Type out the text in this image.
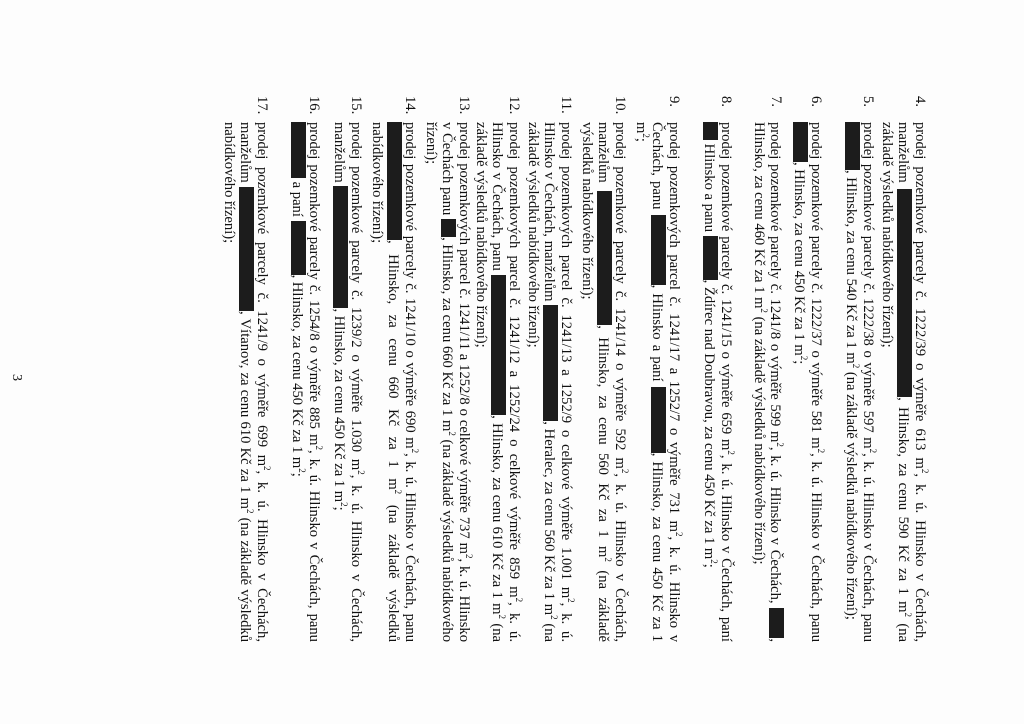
4.
prodej pozemkové parcely č. 1222/39 o výměře 613 $m^2$, k. ú. Hlinsko v Čechách, manželům , Hlinsko, za cenu 590 Kč za 1 $m^2$ (na základě výsledků nabídkového řízení);
5.
prodej pozemkové parcely č. 1222/38 o výměře 597 $m^2$, k. ú. Hlinsko v Čechách, panu , Hlinsko, za cenu 540 Kč za 1 $m^2$ (na základě výsledků nabídkového řízení);
6.
prodej pozemkové parcely č. 1222/37 o výměře 581 $m^2$, k. ú. Hlinsko v Čechách, panu , Hlinsko, za cenu 450 Kč za 1 $m^2$;
7.
prodej pozemkové parcely č. 1241/8 o výměře 599 $m^2$, k. ú. Hlinsko v Čechách, , Hlinsko, za cenu 460 Kč za 1 $m^2$ (na základě výsledků nabídkového řízení);
8.
prodej pozemkové parcely č. 1241/15 o výměře 659 $m^2$, k. ú. Hlinsko v Čechách, paní  Hlinsko a panu , Ždírec nad Doubravou, za cenu 450 Kč za 1 $m^2$;
9.
prodej pozemkových parcel č. 1241/17 a 1252/7 o výměře 731 $m^2$, k. ú. Hlinsko v Čechách, panu , Hlinsko a paní , Hlinsko, za cenu 450 Kč za 1 $m^2$;
10.
prodej pozemkové parcely č. 1241/14 o výměře 592 $m^2$, k. ú. Hlinsko v Čechách, manželům , Hlinsko, za cenu 560 Kč za 1 $m^2$ (na základě výsledků nabídkového řízení);
11.
prodej pozemkových parcel č. 1241/13 a 1252/9 o celkové výměře 1.001 $m^2$, k. ú. Hlinsko v Čechách, manželům , Heralec, za cenu 560 Kč za 1 $m^2$ (na základě výsledků nabídkového řízení);
12.
prodej pozemkových parcel č. 1241/12 a 1252/24 o celkové výměře 859 $m^2$, k. ú. Hlinsko v Čechách, panu , Hlinsko, za cenu 610 Kč za 1 $m^2$ (na základě výsledků nabídkového řízení);
13.
prodej pozemkových parcel č. 1241/11 a 1252/8 o celkové výměře 737 $m^2$, k. ú. Hlinsko v Čechách panu , Hlinsko, za cenu 660 Kč za 1 $m^2$ (na základě výsledků nabídkového řízení);
14.
prodej pozemkové parcely č. 1241/10 o výměře 690 $m^2$, k. ú. Hlinsko v Čechách, panu , Hlinsko, za cenu 660 Kč za 1 $m^2$ (na základě výsledků nabídkového řízení);
15.
prodej pozemkové parcely č. 1239/2 o výměře 1.030 $m^2$, k. ú. Hlinsko v Čechách, manželům , Hlinsko, za cenu 450 Kč za 1 $m^2$;
16.
prodej pozemkové parcely č. 1254/8 o výměře 885 $m^2$, k. ú. Hlinsko v Čechách, panu  a paní , Hlinsko, za cenu 450 Kč za 1 $m^2$;
17.
prodej pozemkové parcely č. 1241/9 o výměře 699 $m^2$, k. ú. Hlinsko v Čechách, manželům , Vítanov, za cenu 610 Kč za 1 $m^2$ (na základě výsledků nabídkového řízení);
3
